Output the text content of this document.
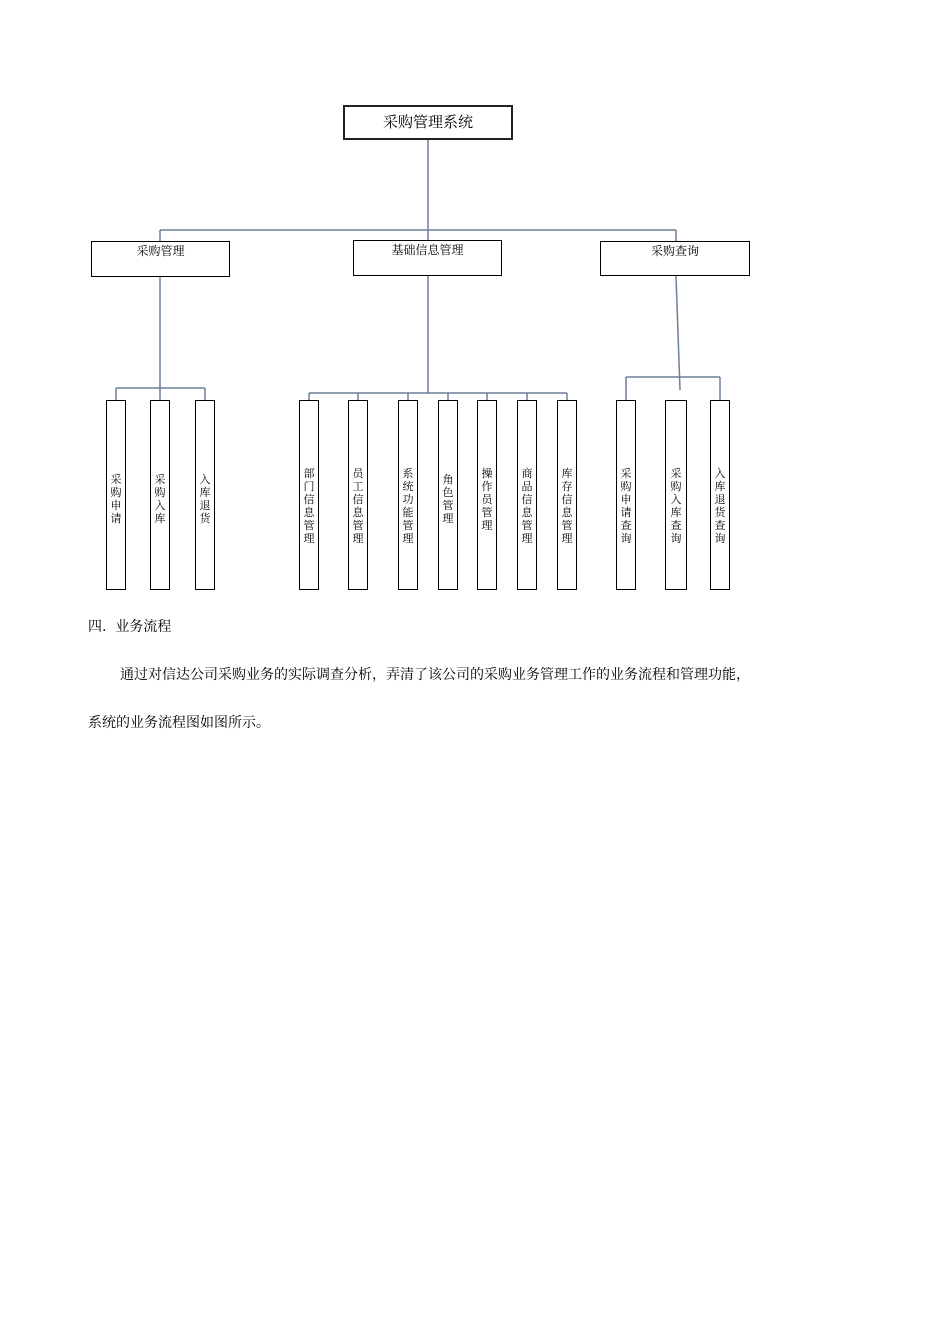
采购管理系统
采购管理	基础信息管理	采购查询
采购申请
采购入库
入库退货
部门信息管理
员工信息管理
系统功能管理
角色管理
操作员管理
商品信息管理
库存信息管理
采购申请查询
采购入库查询
入库退货查询
四.  业务流程
通过对信达公司采购业务的实际调查分析，弄清了该公司的采购业务管理工作的业务流程和管理功能，
系统的业务流程图如图所示。
